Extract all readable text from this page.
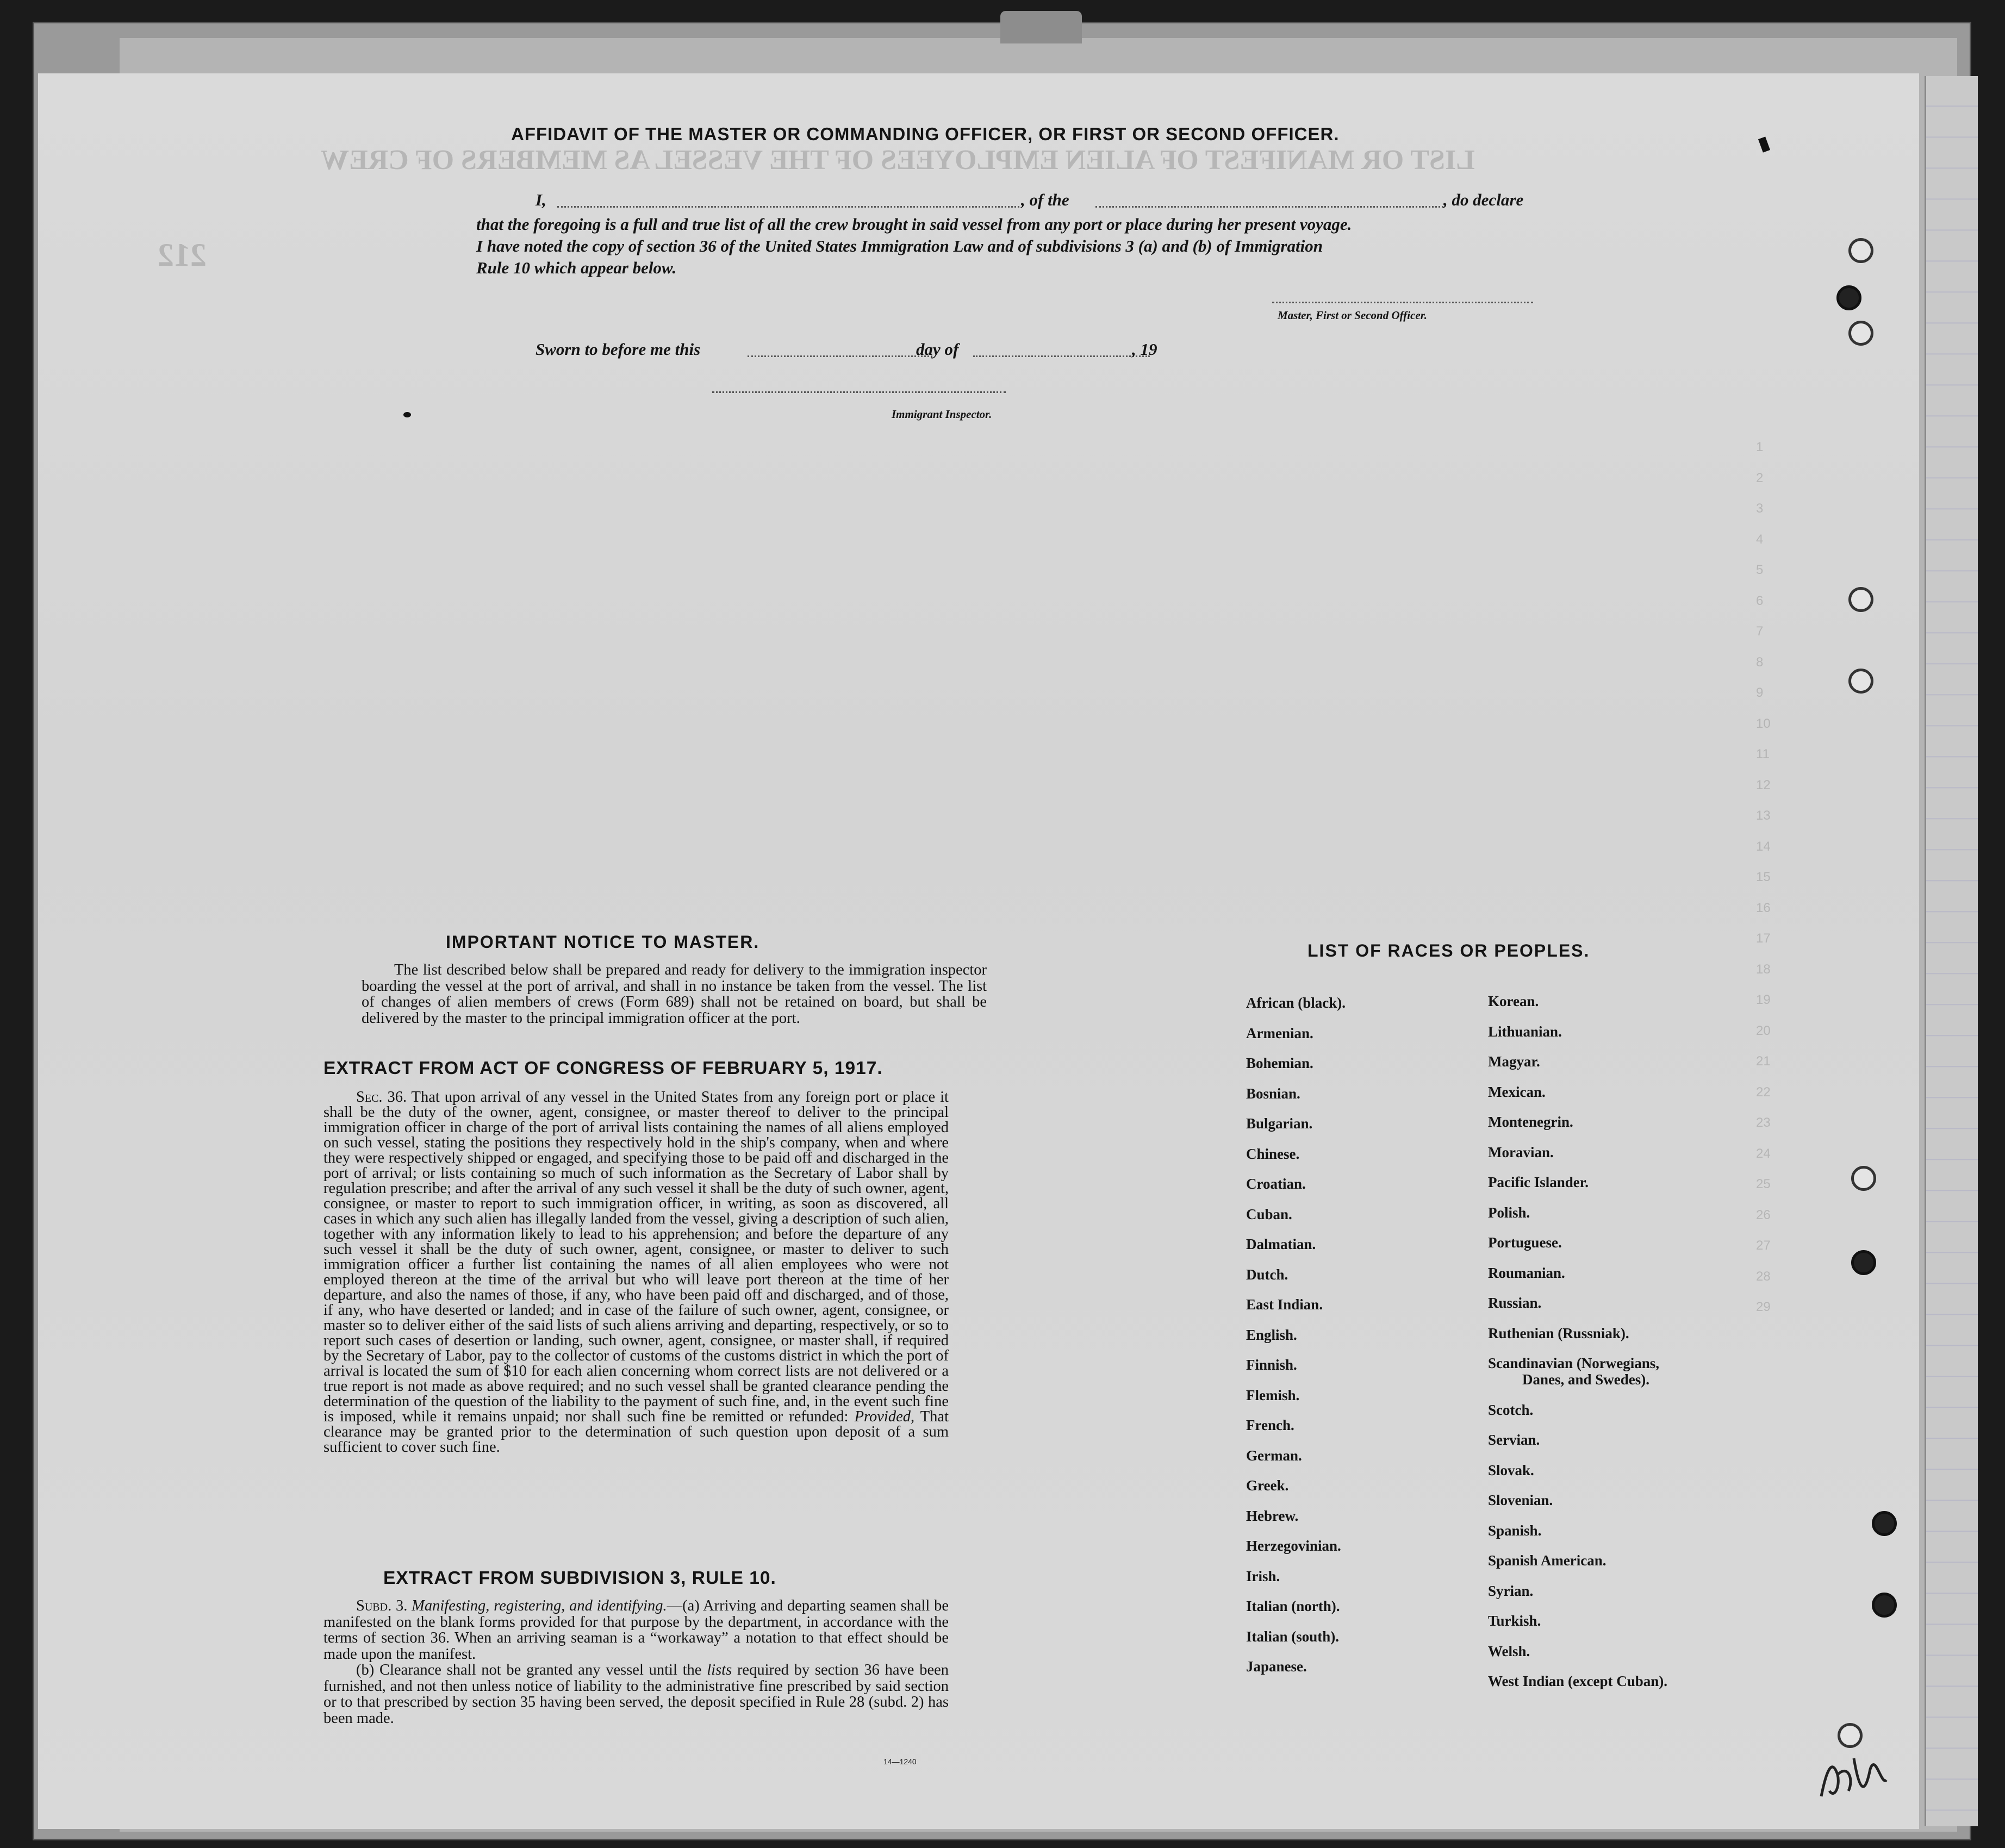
LIST OR MANIFEST OF ALIEN EMPLOYEES OF THE VESSEL AS MEMBERS OF CREW
212
1
2
3
4
5
6
7
8
9
10
11
12
13
14
15
16
17
18
19
20
21
22
23
24
25
26
27
28
29
AFFIDAVIT OF THE MASTER OR COMMANDING OFFICER, OR FIRST OR SECOND OFFICER.
I,	, of the	, do declare
that the foregoing is a full and true list of all the crew brought in said vessel from any port or place during her present voyage.
I have noted the copy of section 36 of the United States Immigration Law and of subdivisions 3 (a) and (b) of Immigration
Rule 10 which appear below.
Master, First or Second Officer.
Sworn to before me this	day of	, 19
Immigrant Inspector.
IMPORTANT NOTICE TO MASTER.
The list described below shall be prepared and ready for delivery to the immigration inspector boarding the vessel at the port of arrival, and shall in no instance be taken from the vessel. The list of changes of alien members of crews (Form 689) shall not be retained on board, but shall be delivered by the master to the principal immigration officer at the port.
EXTRACT FROM ACT OF CONGRESS OF FEBRUARY 5, 1917.
Sec. 36. That upon arrival of any vessel in the United States from any foreign port or place it shall be the duty of the owner, agent, consignee, or master thereof to deliver to the principal immigration officer in charge of the port of arrival lists containing the names of all aliens employed on such vessel, stating the positions they respectively hold in the ship's company, when and where they were respectively shipped or engaged, and specifying those to be paid off and discharged in the port of arrival; or lists containing so much of such information as the Secretary of Labor shall by regulation prescribe; and after the arrival of any such vessel it shall be the duty of such owner, agent, consignee, or master to report to such immigration officer, in writing, as soon as discovered, all cases in which any such alien has illegally landed from the vessel, giving a description of such alien, together with any information likely to lead to his apprehension; and before the departure of any such vessel it shall be the duty of such owner, agent, consignee, or master to deliver to such immigration officer a further list containing the names of all alien employees who were not employed thereon at the time of the arrival but who will leave port thereon at the time of her departure, and also the names of those, if any, who have been paid off and discharged, and of those, if any, who have deserted or landed; and in case of the failure of such owner, agent, consignee, or master so to deliver either of the said lists of such aliens arriving and departing, respectively, or so to report such cases of desertion or landing, such owner, agent, consignee, or master shall, if required by the Secretary of Labor, pay to the collector of customs of the customs district in which the port of arrival is located the sum of $10 for each alien concerning whom correct lists are not delivered or a true report is not made as above required; and no such vessel shall be granted clearance pending the determination of the question of the liability to the payment of such fine, and, in the event such fine is imposed, while it remains unpaid; nor shall such fine be remitted or refunded: Provided, That clearance may be granted prior to the determination of such question upon deposit of a sum sufficient to cover such fine.
EXTRACT FROM SUBDIVISION 3, RULE 10.

Subd. 3. Manifesting, registering, and identifying.—(a) Arriving and departing seamen shall be manifested on the blank forms provided for that purpose by the department, in accordance with the terms of section 36. When an arriving seaman is a “workaway” a notation to that effect should be made upon the manifest.

(b) Clearance shall not be granted any vessel until the lists required by section 36 have been furnished, and not then unless notice of liability to the administrative fine prescribed by said section or to that prescribed by section 35 having been served, the deposit specified in Rule 28 (subd. 2) has been made.

14—1240
LIST OF RACES OR PEOPLES.
African (black).
Armenian.
Bohemian.
Bosnian.
Bulgarian.
Chinese.
Croatian.
Cuban.
Dalmatian.
Dutch.
East Indian.
English.
Finnish.
Flemish.
French.
German.
Greek.
Hebrew.
Herzegovinian.
Irish.
Italian (north).
Italian (south).
Japanese.
Korean.
Lithuanian.
Magyar.
Mexican.
Montenegrin.
Moravian.
Pacific Islander.
Polish.
Portuguese.
Roumanian.
Russian.
Ruthenian (Russniak).
Scandinavian (Norwegians,
Danes, and Swedes).
Scotch.
Servian.
Slovak.
Slovenian.
Spanish.
Spanish American.
Syrian.
Turkish.
Welsh.
West Indian (except Cuban).
